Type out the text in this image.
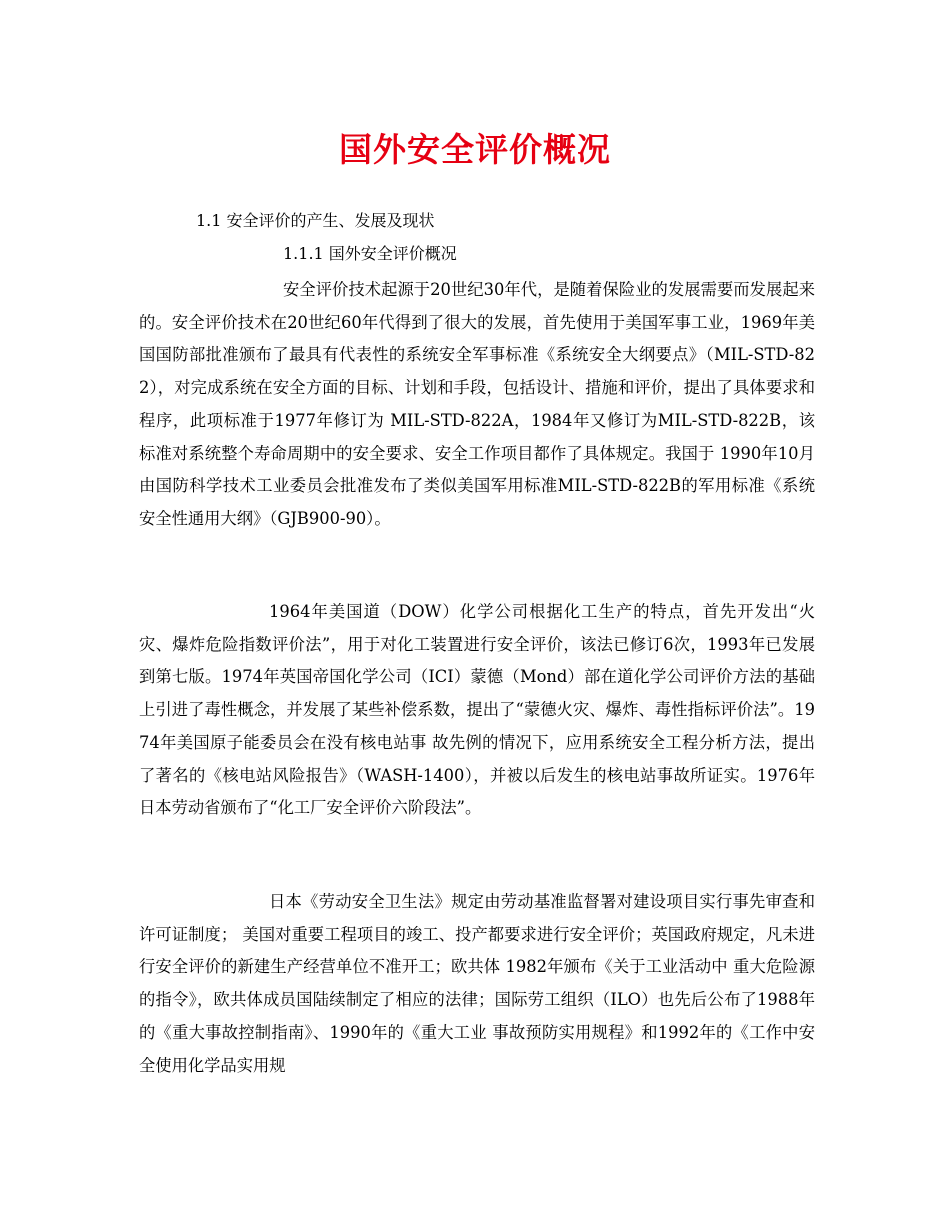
国外安全评价概况
1.1 安全评价的产生、发展及现状
1.1.1 国外安全评价概况
安全评价技术起源于20世纪30年代，是随着保险业的发展需要而发展起来的。安全评价技术在20世纪60年代得到了很大的发展，首先使用于美国军事工业，1969年美国国防部批准颁布了最具有代表性的系统安全军事标准《系统安全大纲要点》（MIL-STD-822），对完成系统在安全方面的目标、计划和手段，包括设计、措施和评价，提出了具体要求和程序，此项标准于1977年修订为 MIL-STD-822A，1984年又修订为MIL-STD-822B，该标准对系统整个寿命周期中的安全要求、安全工作项目都作了具体规定。我国于 1990年10月由国防科学技术工业委员会批准发布了类似美国军用标准MIL-STD-822B的军用标准《系统安全性通用大纲》（GJB900-90）。
1964年美国道（DOW）化学公司根据化工生产的特点，首先开发出“火灾、爆炸危险指数评价法”，用于对化工装置进行安全评价，该法已修订6次，1993年已发展到第七版。1974年英国帝国化学公司（ICI）蒙德（Mond）部在道化学公司评价方法的基础上引进了毒性概念，并发展了某些补偿系数，提出了“蒙德火灾、爆炸、毒性指标评价法”。1974年美国原子能委员会在没有核电站事 故先例的情况下，应用系统安全工程分析方法，提出了著名的《核电站风险报告》（WASH-1400），并被以后发生的核电站事故所证实。1976年日本劳动省颁布了“化工厂安全评价六阶段法”。
日本《劳动安全卫生法》规定由劳动基准监督署对建设项目实行事先审查和许可证制度； 美国对重要工程项目的竣工、投产都要求进行安全评价；英国政府规定，凡未进行安全评价的新建生产经营单位不准开工；欧共体 1982年颁布《关于工业活动中 重大危险源的指令》，欧共体成员国陆续制定了相应的法律；国际劳工组织（ILO）也先后公布了1988年的《重大事故控制指南》、1990年的《重大工业 事故预防实用规程》和1992年的《工作中安全使用化学品实用规
